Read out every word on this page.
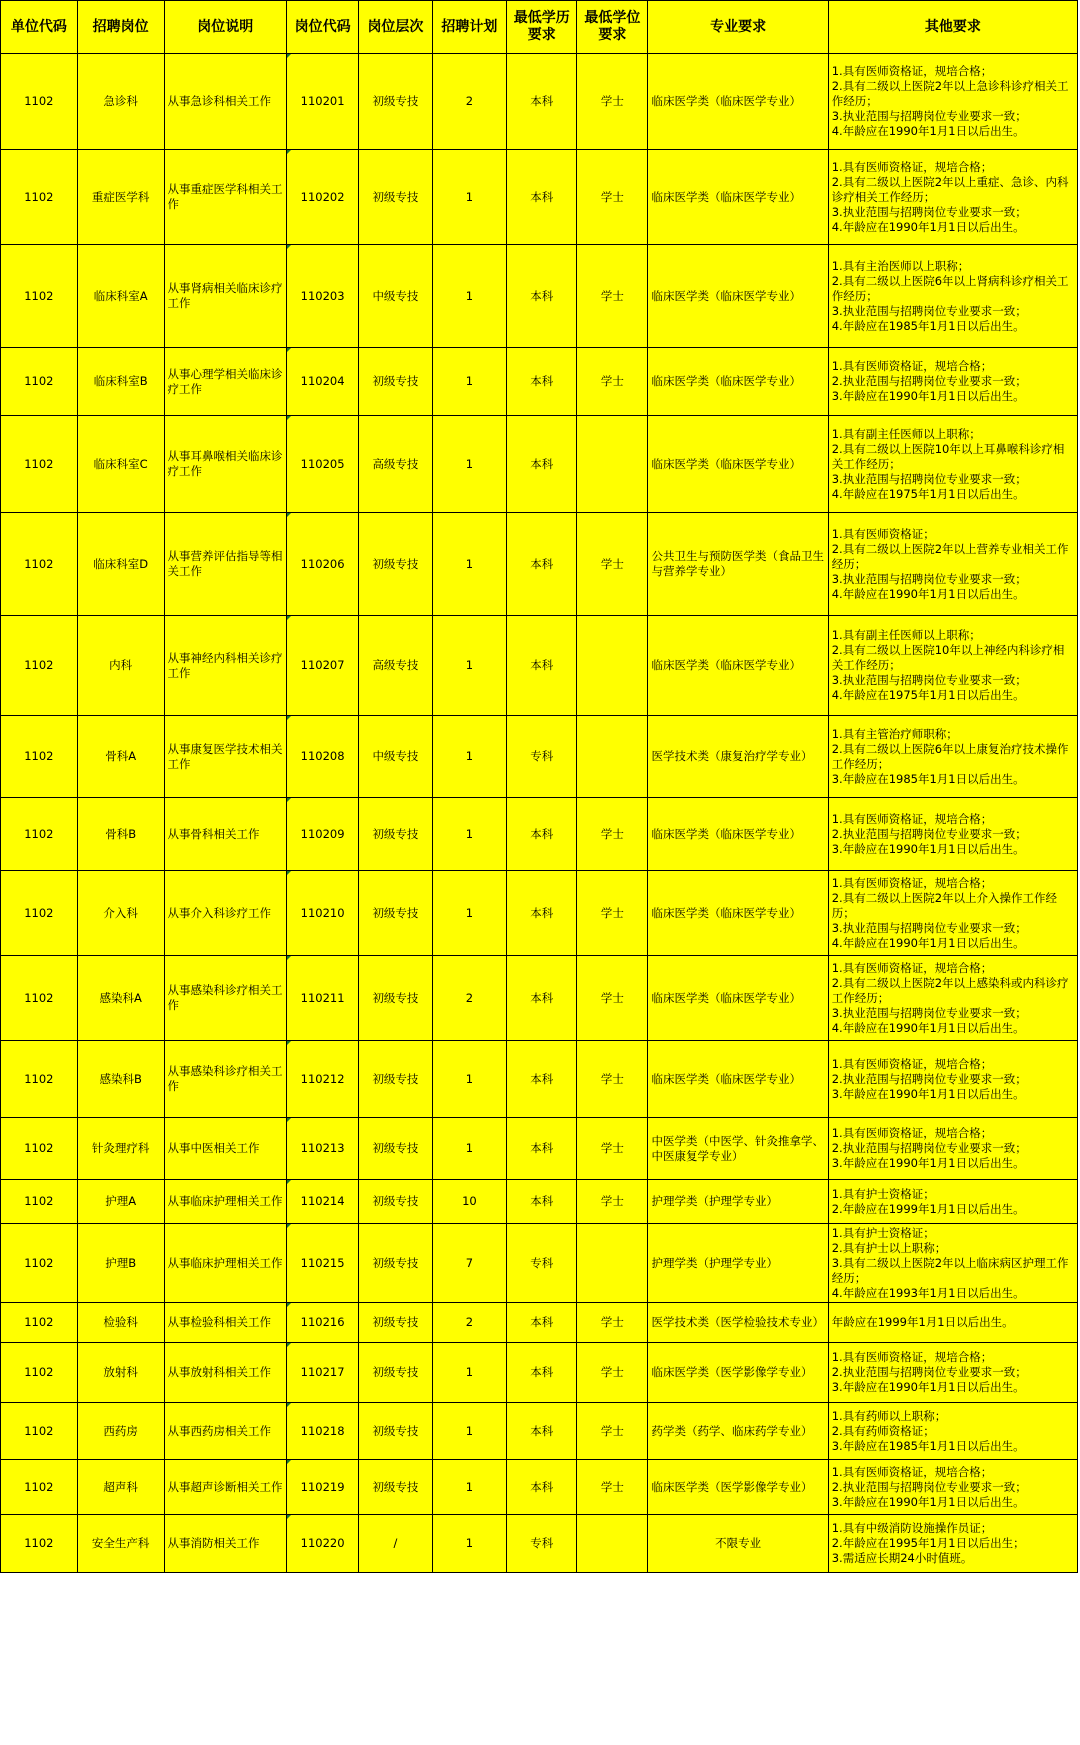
单位代码	招聘岗位	岗位说明	岗位代码	岗位层次	招聘计划	最低学历要求	最低学位要求	专业要求	其他要求
1102	急诊科	从事急诊科相关工作	110201	初级专技	2	本科	学士	临床医学类（临床医学专业）	1.具有医师资格证，规培合格；
2.具有二级以上医院2年以上急诊科诊疗相关工作经历；
3.执业范围与招聘岗位专业要求一致；
4.年龄应在1990年1月1日以后出生。

1102	重症医学科	从事重症医学科相关工作	110202	初级专技	1	本科	学士	临床医学类（临床医学专业）	1.具有医师资格证，规培合格；
2.具有二级以上医院2年以上重症、急诊、内科诊疗相关工作经历；
3.执业范围与招聘岗位专业要求一致；
4.年龄应在1990年1月1日以后出生。

1102	临床科室A	从事肾病相关临床诊疗工作	110203	中级专技	1	本科	学士	临床医学类（临床医学专业）	1.具有主治医师以上职称；
2.具有二级以上医院6年以上肾病科诊疗相关工作经历；
3.执业范围与招聘岗位专业要求一致；
4.年龄应在1985年1月1日以后出生。

1102	临床科室B	从事心理学相关临床诊疗工作	110204	初级专技	1	本科	学士	临床医学类（临床医学专业）	1.具有医师资格证，规培合格；
2.执业范围与招聘岗位专业要求一致；
3.年龄应在1990年1月1日以后出生。

1102	临床科室C	从事耳鼻喉相关临床诊疗工作	110205	高级专技	1	本科		临床医学类（临床医学专业）	1.具有副主任医师以上职称；
2.具有二级以上医院10年以上耳鼻喉科诊疗相关工作经历；
3.执业范围与招聘岗位专业要求一致；
4.年龄应在1975年1月1日以后出生。

1102	临床科室D	从事营养评估指导等相关工作	110206	初级专技	1	本科	学士	公共卫生与预防医学类（食品卫生与营养学专业）	1.具有医师资格证；
2.具有二级以上医院2年以上营养专业相关工作经历；
3.执业范围与招聘岗位专业要求一致；
4.年龄应在1990年1月1日以后出生。

1102	内科	从事神经内科相关诊疗工作	110207	高级专技	1	本科		临床医学类（临床医学专业）	1.具有副主任医师以上职称；
2.具有二级以上医院10年以上神经内科诊疗相关工作经历；
3.执业范围与招聘岗位专业要求一致；
4.年龄应在1975年1月1日以后出生。

1102	骨科A	从事康复医学技术相关工作	110208	中级专技	1	专科		医学技术类（康复治疗学专业）	1.具有主管治疗师职称；
2.具有二级以上医院6年以上康复治疗技术操作工作经历；
3.年龄应在1985年1月1日以后出生。

1102	骨科B	从事骨科相关工作	110209	初级专技	1	本科	学士	临床医学类（临床医学专业）	1.具有医师资格证，规培合格；
2.执业范围与招聘岗位专业要求一致；
3.年龄应在1990年1月1日以后出生。

1102	介入科	从事介入科诊疗工作	110210	初级专技	1	本科	学士	临床医学类（临床医学专业）	1.具有医师资格证，规培合格；
2.具有二级以上医院2年以上介入操作工作经历；
3.执业范围与招聘岗位专业要求一致；
4.年龄应在1990年1月1日以后出生。

1102	感染科A	从事感染科诊疗相关工作	110211	初级专技	2	本科	学士	临床医学类（临床医学专业）	1.具有医师资格证，规培合格；
2.具有二级以上医院2年以上感染科或内科诊疗工作经历；
3.执业范围与招聘岗位专业要求一致；
4.年龄应在1990年1月1日以后出生。

1102	感染科B	从事感染科诊疗相关工作	110212	初级专技	1	本科	学士	临床医学类（临床医学专业）	1.具有医师资格证，规培合格；
2.执业范围与招聘岗位专业要求一致；
3.年龄应在1990年1月1日以后出生。

1102	针灸理疗科	从事中医相关工作	110213	初级专技	1	本科	学士	中医学类（中医学、针灸推拿学、中医康复学专业）	1.具有医师资格证，规培合格；
2.执业范围与招聘岗位专业要求一致；
3.年龄应在1990年1月1日以后出生。

1102	护理A	从事临床护理相关工作	110214	初级专技	10	本科	学士	护理学类（护理学专业）	1.具有护士资格证；
2.年龄应在1999年1月1日以后出生。

1102	护理B	从事临床护理相关工作	110215	初级专技	7	专科		护理学类（护理学专业）	1.具有护士资格证；
2.具有护士以上职称；
3.具有二级以上医院2年以上临床病区护理工作经历；
4.年龄应在1993年1月1日以后出生。

1102	检验科	从事检验科相关工作	110216	初级专技	2	本科	学士	医学技术类（医学检验技术专业）	年龄应在1999年1月1日以后出生。

1102	放射科	从事放射科相关工作	110217	初级专技	1	本科	学士	临床医学类（医学影像学专业）	1.具有医师资格证，规培合格；
2.执业范围与招聘岗位专业要求一致；
3.年龄应在1990年1月1日以后出生。

1102	西药房	从事西药房相关工作	110218	初级专技	1	本科	学士	药学类（药学、临床药学专业）	1.具有药师以上职称；
2.具有药师资格证；
3.年龄应在1985年1月1日以后出生。

1102	超声科	从事超声诊断相关工作	110219	初级专技	1	本科	学士	临床医学类（医学影像学专业）	1.具有医师资格证，规培合格；
2.执业范围与招聘岗位专业要求一致；
3.年龄应在1990年1月1日以后出生。

1102	安全生产科	从事消防相关工作	110220	/	1	专科		不限专业	1.具有中级消防设施操作员证；
2.年龄应在1995年1月1日以后出生；
3.需适应长期24小时值班。
